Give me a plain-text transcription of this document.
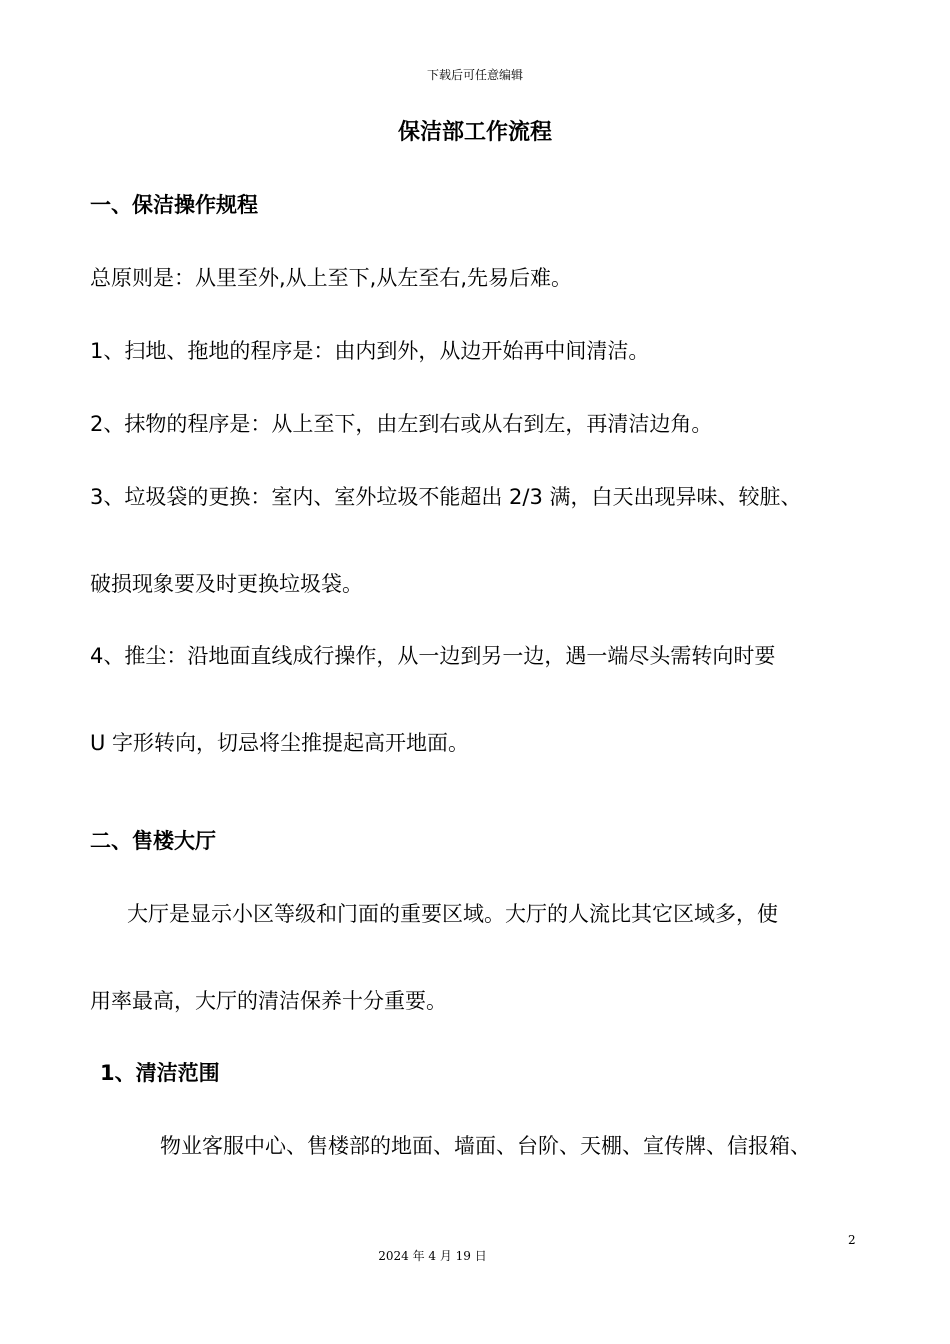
下载后可任意编辑
保洁部工作流程
一、保洁操作规程
总原则是：从里至外,从上至下,从左至右,先易后难。
1、扫地、拖地的程序是：由内到外，从边开始再中间清洁。
2、抹物的程序是：从上至下，由左到右或从右到左，再清洁边角。
3、垃圾袋的更换：室内、室外垃圾不能超出 2/3 满，白天出现异味、较脏、
破损现象要及时更换垃圾袋。
4、推尘：沿地面直线成行操作，从一边到另一边，遇一端尽头需转向时要
U 字形转向，切忌将尘推提起高开地面。
二、售楼大厅
大厅是显示小区等级和门面的重要区域。大厅的人流比其它区域多，使
用率最高，大厅的清洁保养十分重要。
1、清洁范围
物业客服中心、售楼部的地面、墙面、台阶、天棚、宣传牌、信报箱、
2
2024 年 4 月 19 日
